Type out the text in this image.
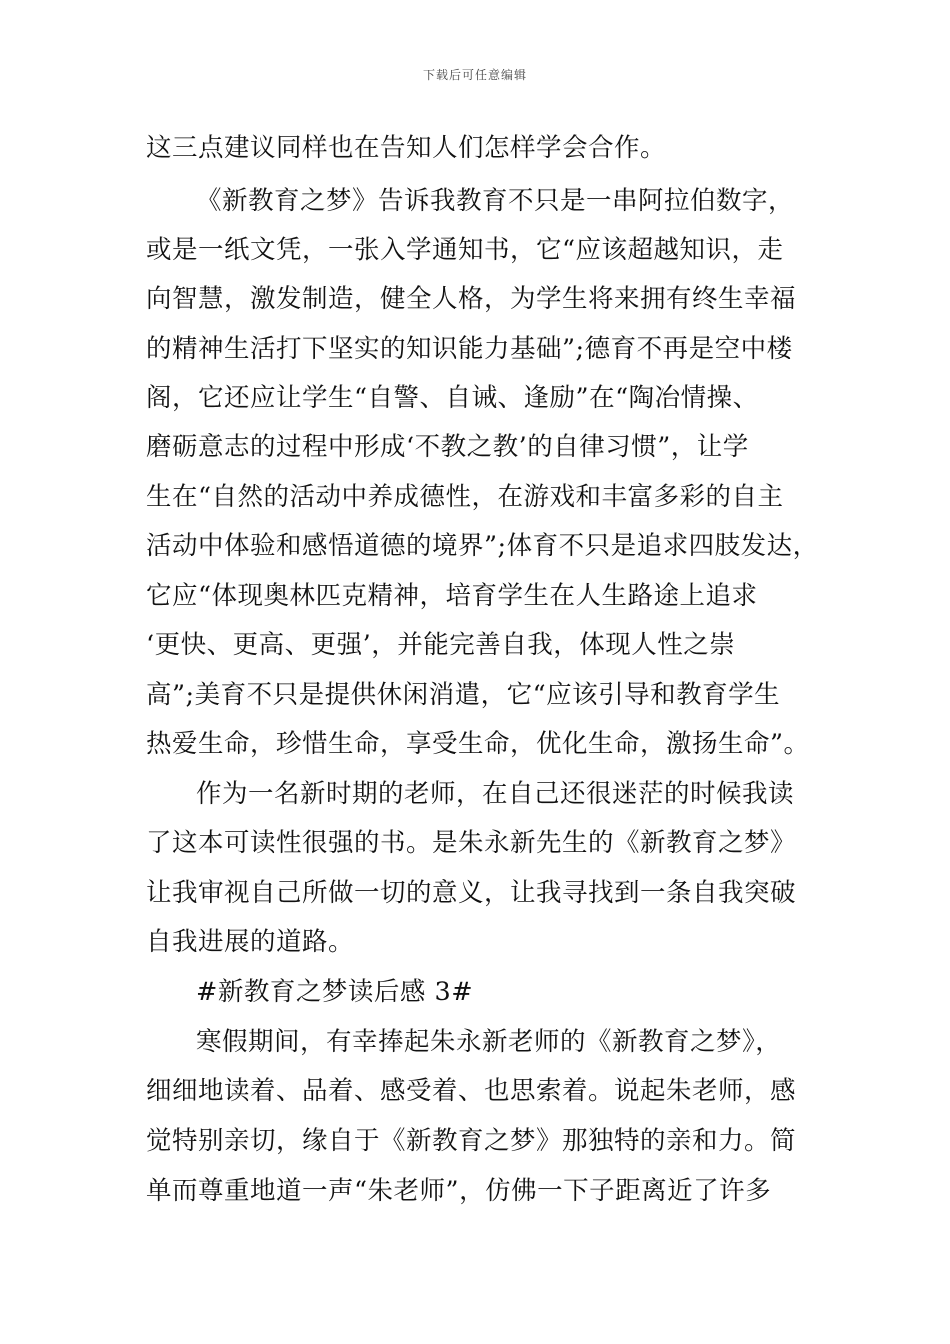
下载后可任意编辑
这三点建议同样也在告知人们怎样学会合作。
《新教育之梦》告诉我教育不只是一串阿拉伯数字，
或是一纸文凭，一张入学通知书，它“应该超越知识，走
向智慧，激发制造，健全人格，为学生将来拥有终生幸福
的精神生活打下坚实的知识能力基础”;德育不再是空中楼
阁，它还应让学生“自警、自诫、逢励”在“陶冶情操、
磨砺意志的过程中形成‘不教之教’的自律习惯”，让学
生在“自然的活动中养成德性，在游戏和丰富多彩的自主
活动中体验和感悟道德的境界”;体育不只是追求四肢发达，
它应“体现奥林匹克精神，培育学生在人生路途上追求
‘更快、更高、更强’，并能完善自我，体现人性之崇
高”;美育不只是提供休闲消遣，它“应该引导和教育学生
热爱生命，珍惜生命，享受生命，优化生命，激扬生命”。
作为一名新时期的老师，在自己还很迷茫的时候我读
了这本可读性很强的书。是朱永新先生的《新教育之梦》
让我审视自己所做一切的意义，让我寻找到一条自我突破
自我进展的道路。
#新教育之梦读后感 3#
寒假期间，有幸捧起朱永新老师的《新教育之梦》，
细细地读着、品着、感受着、也思索着。说起朱老师，感
觉特别亲切，缘自于《新教育之梦》那独特的亲和力。简
单而尊重地道一声“朱老师”，仿佛一下子距离近了许多
